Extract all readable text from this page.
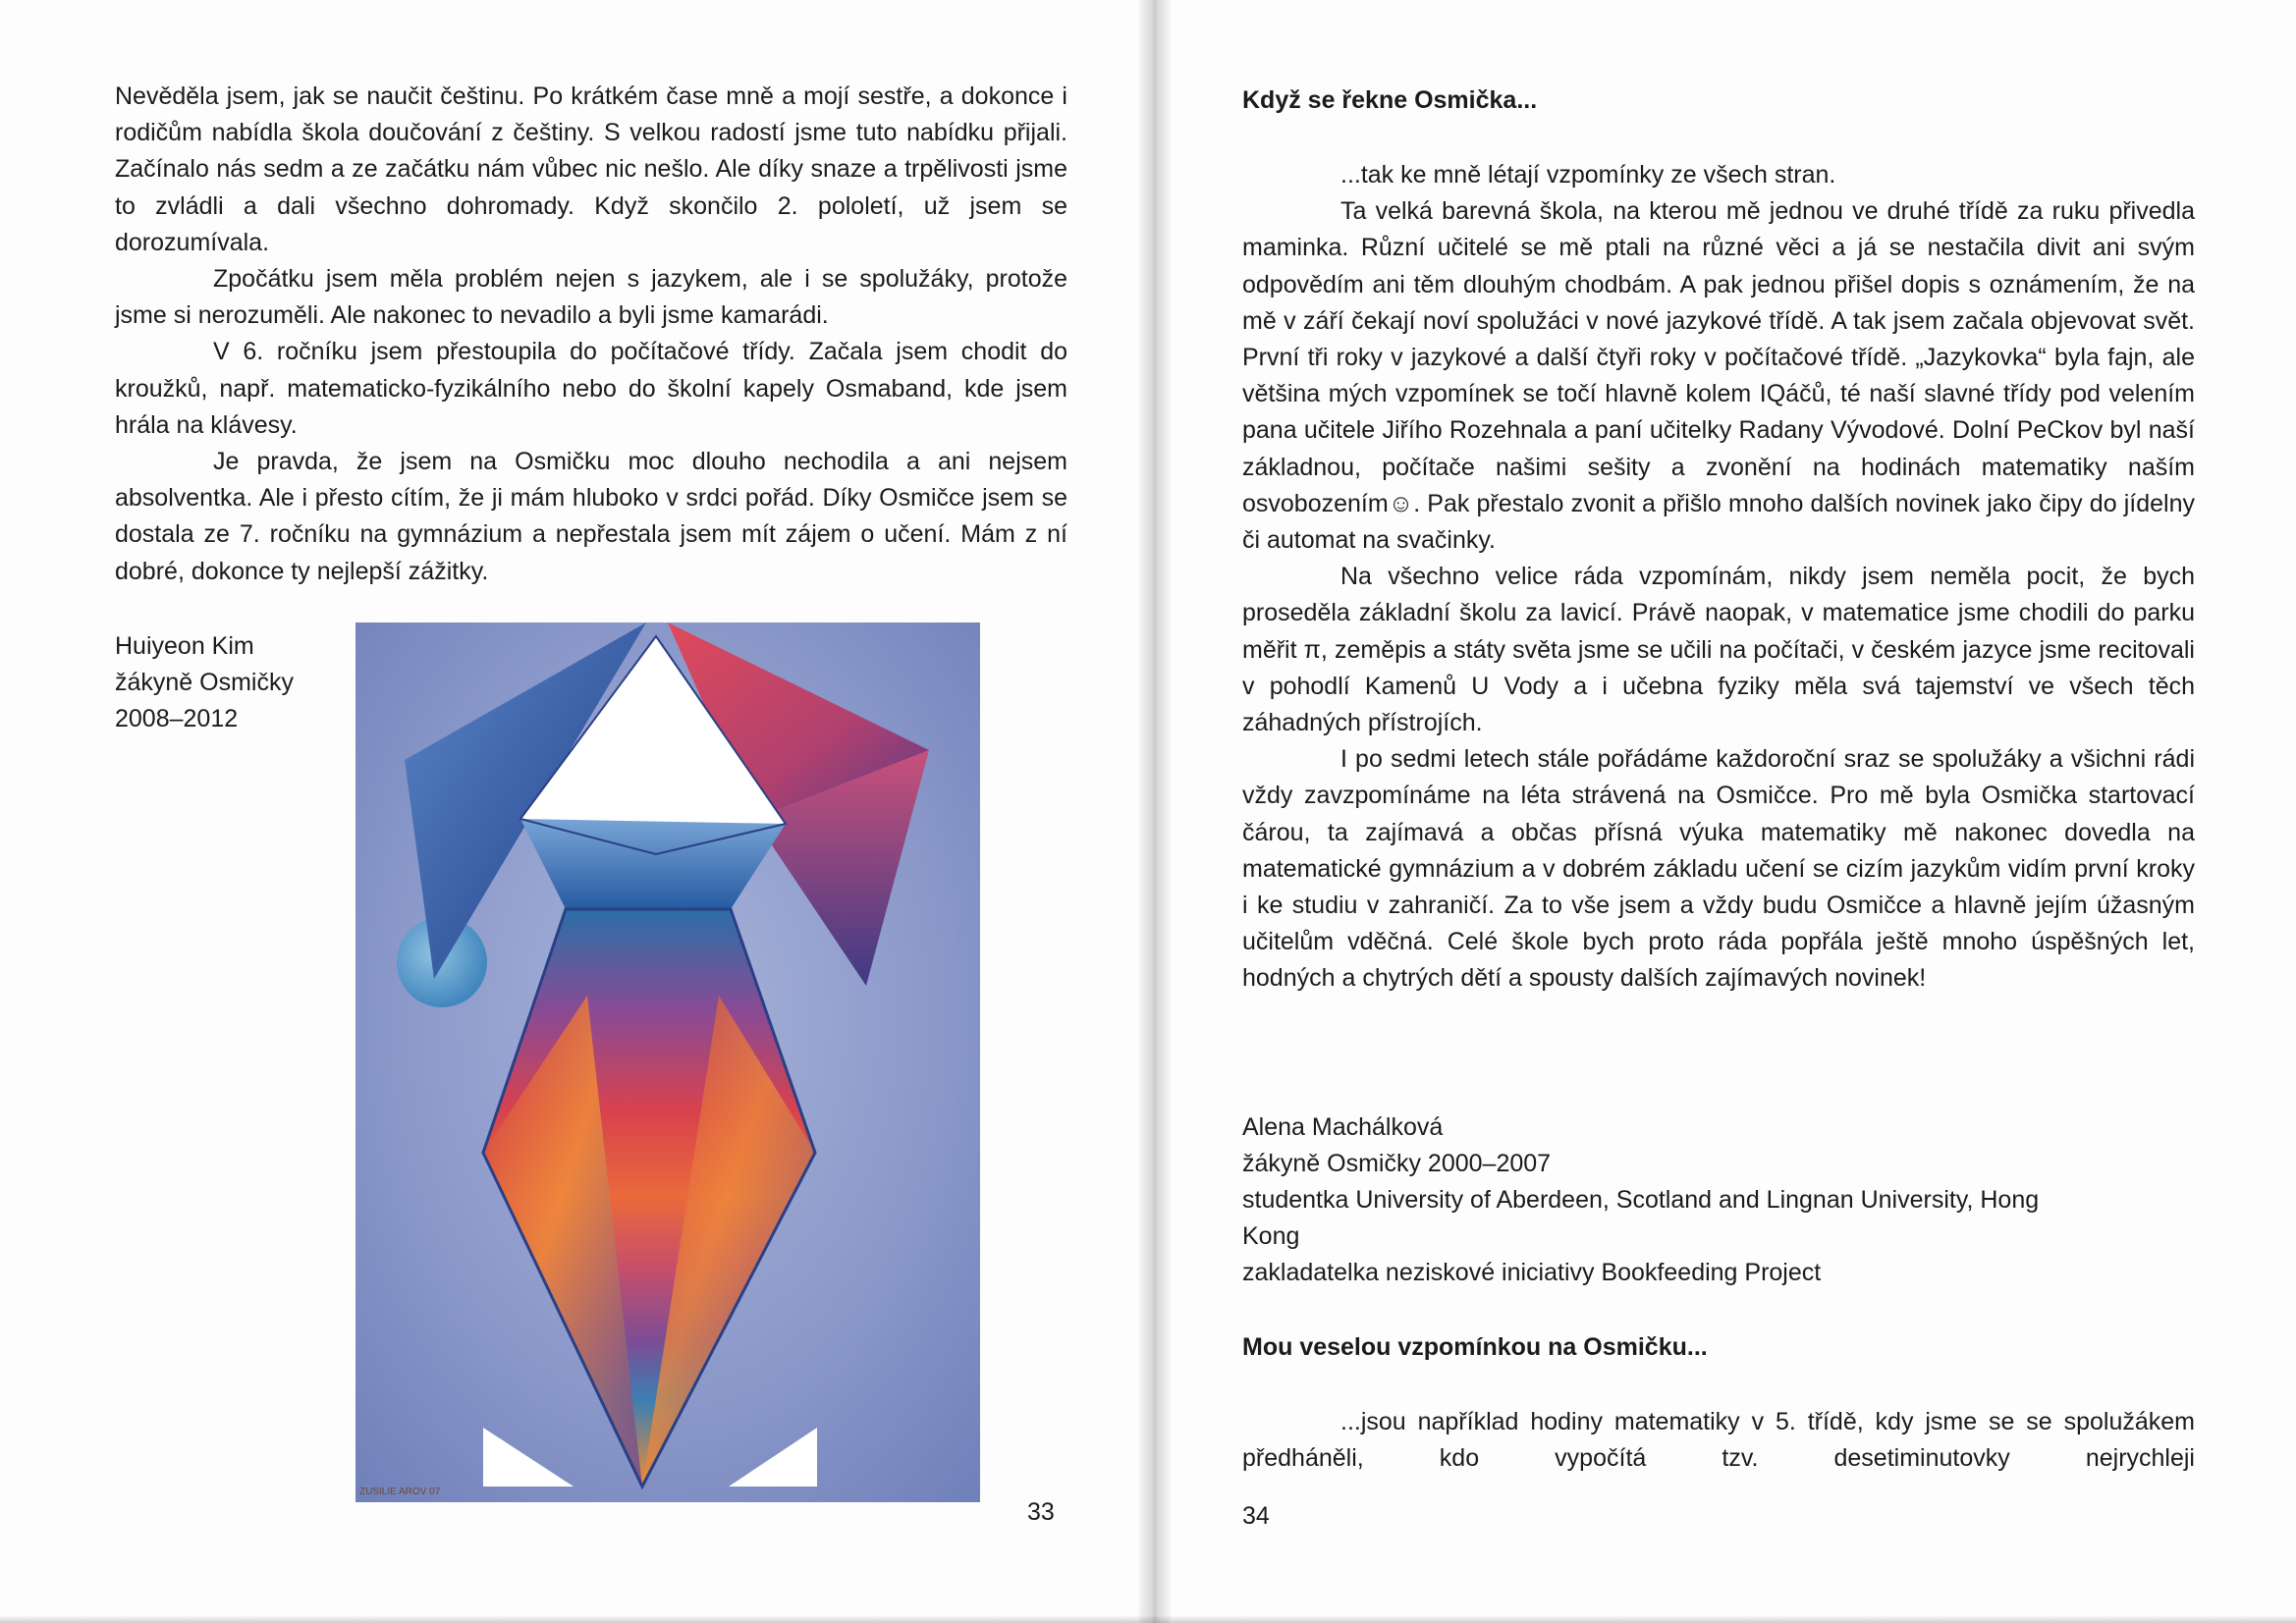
Nevěděla jsem, jak se naučit češtinu. Po krátkém čase mně a mojí sestře, a dokonce i rodičům nabídla škola doučování z češtiny. S velkou radostí jsme tuto nabídku přijali. Začínalo nás sedm a ze začátku nám vůbec nic nešlo. Ale díky snaze a trpělivosti jsme to zvládli a dali všechno dohromady. Když skončilo 2. pololetí, už jsem se dorozumívala.

Zpočátku jsem měla problém nejen s jazykem, ale i se spolužáky, protože jsme si nerozuměli. Ale nakonec to nevadilo a byli jsme kamarádi.

V 6. ročníku jsem přestoupila do počítačové třídy. Začala jsem chodit do kroužků, např. matematicko-fyzikálního nebo do školní kapely Osmaband, kde jsem hrála na klávesy.

Je pravda, že jsem na Osmičku moc dlouho nechodila a ani nejsem absolventka. Ale i přesto cítím, že ji mám hluboko v srdci pořád. Díky Osmičce jsem se dostala ze 7. ročníku na gymnázium a nepřestala jsem mít zájem o učení. Mám z ní dobré, dokonce ty nejlepší zážitky.

Huiyeon Kim
žákyně Osmičky
2008–2012
ZUSILIE AROV 07
33
Když se řekne Osmička...

...tak ke mně létají vzpomínky ze všech stran.

Ta velká barevná škola, na kterou mě jednou ve druhé třídě za ruku přivedla maminka. Různí učitelé se mě ptali na různé věci a já se nestačila divit ani svým odpovědím ani těm dlouhým chodbám. A pak jednou přišel dopis s oznámením, že na mě v září čekají noví spolužáci v nové jazykové třídě. A tak jsem začala objevovat svět. První tři roky v jazykové a další čtyři roky v počítačové třídě. „Jazykovka“ byla fajn, ale většina mých vzpomínek se točí hlavně kolem IQáčů, té naší slavné třídy pod velením pana učitele Jiřího Rozehnala a paní učitelky Radany Vývodové. Dolní PeCkov byl naší základnou, počítače našimi sešity a zvonění na hodinách matematiky naším osvobozením☺. Pak přestalo zvonit a přišlo mnoho dalších novinek jako čipy do jídelny či automat na svačinky.

Na všechno velice ráda vzpomínám, nikdy jsem neměla pocit, že bych proseděla základní školu za lavicí. Právě naopak, v matematice jsme chodili do parku měřit π, zeměpis a státy světa jsme se učili na počítači, v českém jazyce jsme recitovali v pohodlí Kamenů U Vody a i učebna fyziky měla svá tajemství ve všech těch záhadných přístrojích.

I po sedmi letech stále pořádáme každoroční sraz se spolužáky a všichni rádi vždy zavzpomínáme na léta strávená na Osmičce. Pro mě byla Osmička startovací čárou, ta zajímavá a občas přísná výuka matematiky mě nakonec dovedla na matematické gymnázium a v dobrém základu učení se cizím jazykům vidím první kroky i ke studiu v zahraničí. Za to vše jsem a vždy budu Osmičce a hlavně jejím úžasným učitelům vděčná. Celé škole bych proto ráda popřála ještě mnoho úspěšných let, hodných a chytrých dětí a spousty dalších zajímavých novinek!

Alena Machálková
žákyně Osmičky 2000–2007
studentka University of Aberdeen, Scotland and Lingnan University, Hong
Kong
zakladatelka neziskové iniciativy Bookfeeding Project
Mou veselou vzpomínkou na Osmičku...

...jsou například hodiny matematiky v 5. třídě, kdy jsme se se spolužákem předháněli, kdo vypočítá tzv. desetiminutovky nejrychleji

34
